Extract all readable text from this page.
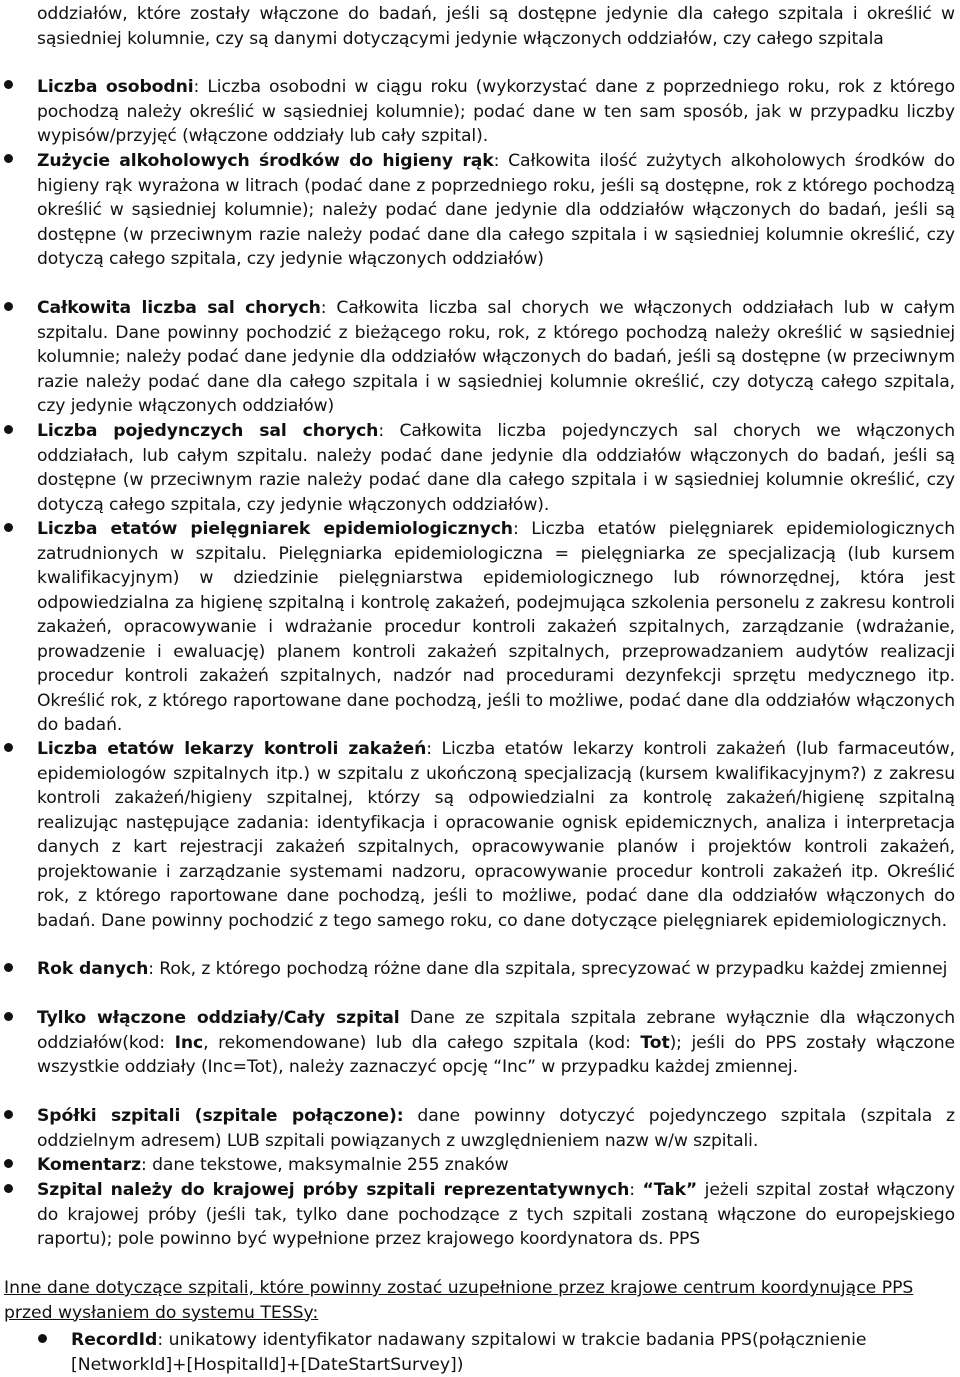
oddziałów, które zostały włączone do badań, jeśli są dostępne jedynie dla całego szpitala i określić w sąsiedniej kolumnie, czy są danymi dotyczącymi jedynie włączonych oddziałów, czy całego szpitala

Liczba osobodni: Liczba osobodni w ciągu roku (wykorzystać dane z poprzedniego roku, rok z którego pochodzą należy określić w sąsiedniej kolumnie); podać dane w ten sam sposób, jak w przypadku liczby wypisów/przyjęć (włączone oddziały lub cały szpital).

Zużycie alkoholowych środków do higieny rąk: Całkowita ilość zużytych alkoholowych środków do higieny rąk wyrażona w litrach (podać dane z poprzedniego roku, jeśli są dostępne, rok z którego pochodzą określić w sąsiedniej kolumnie); należy podać dane jedynie dla oddziałów włączonych do badań, jeśli są dostępne (w przeciwnym razie należy podać dane dla całego szpitala i w sąsiedniej kolumnie określić, czy dotyczą całego szpitala, czy jedynie włączonych oddziałów)

Całkowita liczba sal chorych: Całkowita liczba sal chorych we włączonych oddziałach lub w całym szpitalu. Dane powinny pochodzić z bieżącego roku, rok, z którego pochodzą należy określić w sąsiedniej kolumnie; należy podać dane jedynie dla oddziałów włączonych do badań, jeśli są dostępne (w przeciwnym razie należy podać dane dla całego szpitala i w sąsiedniej kolumnie określić, czy dotyczą całego szpitala, czy jedynie włączonych oddziałów)

Liczba pojedynczych sal chorych: Całkowita liczba pojedynczych sal chorych we włączonych oddziałach, lub całym szpitalu. należy podać dane jedynie dla oddziałów włączonych do badań, jeśli są dostępne (w przeciwnym razie należy podać dane dla całego szpitala i w sąsiedniej kolumnie określić, czy dotyczą całego szpitala, czy jedynie włączonych oddziałów).

Liczba etatów pielęgniarek epidemiologicznych: Liczba etatów pielęgniarek epidemiologicznych zatrudnionych w szpitalu. Pielęgniarka epidemiologiczna = pielęgniarka ze specjalizacją (lub kursem kwalifikacyjnym) w dziedzinie pielęgniarstwa epidemiologicznego lub równorzędnej, która jest odpowiedzialna za higienę szpitalną i kontrolę zakażeń, podejmująca szkolenia personelu z zakresu kontroli zakażeń, opracowywanie i wdrażanie procedur kontroli zakażeń szpitalnych, zarządzanie (wdrażanie, prowadzenie i ewaluację) planem kontroli zakażeń szpitalnych, przeprowadzaniem audytów realizacji procedur kontroli zakażeń szpitalnych, nadzór nad procedurami dezynfekcji sprzętu medycznego itp. Określić rok, z którego raportowane dane pochodzą, jeśli to możliwe, podać dane dla oddziałów włączonych do badań.

Liczba etatów lekarzy kontroli zakażeń: Liczba etatów lekarzy kontroli zakażeń (lub farmaceutów, epidemiologów szpitalnych itp.) w szpitalu z ukończoną specjalizacją (kursem kwalifikacyjnym?) z zakresu kontroli zakażeń/higieny szpitalnej, którzy są odpowiedzialni za kontrolę zakażeń/higienę szpitalną realizując następujące zadania: identyfikacja i opracowanie ognisk epidemicznych, analiza i interpretacja danych z kart rejestracji zakażeń szpitalnych, opracowywanie planów i projektów kontroli zakażeń, projektowanie i zarządzanie systemami nadzoru, opracowywanie procedur kontroli zakażeń itp. Określić rok, z którego raportowane dane pochodzą, jeśli to możliwe, podać dane dla oddziałów włączonych do badań. Dane powinny pochodzić z tego samego roku, co dane dotyczące pielęgniarek epidemiologicznych.

Rok danych: Rok, z którego pochodzą różne dane dla szpitala, sprecyzować w przypadku każdej zmiennej

Tylko włączone oddziały/Cały szpital Dane ze szpitala szpitala zebrane wyłącznie dla włączonych oddziałów(kod: Inc, rekomendowane) lub dla całego szpitala (kod: Tot); jeśli do PPS zostały włączone wszystkie oddziały (Inc=Tot), należy zaznaczyć opcję “Inc” w przypadku każdej zmiennej.

Spółki szpitali (szpitale połączone): dane powinny dotyczyć pojedynczego szpitala (szpitala z oddzielnym adresem) LUB szpitali powiązanych z uwzględnieniem nazw w/w szpitali.

Komentarz: dane tekstowe, maksymalnie 255 znaków

Szpital należy do krajowej próby szpitali reprezentatywnych: “Tak” jeżeli szpital został włączony do krajowej próby (jeśli tak, tylko dane pochodzące z tych szpitali zostaną włączone do europejskiego raportu); pole powinno być wypełnione przez krajowego koordynatora ds. PPS

Inne dane dotyczące szpitali, które powinny zostać uzupełnione przez krajowe centrum koordynujące PPS przed wysłaniem do systemu TESSy:

RecordId: unikatowy identyfikator nadawany szpitalowi w trakcie badania PPS(połącznienie [NetworkId]+[HospitalId]+[DateStartSurvey])
